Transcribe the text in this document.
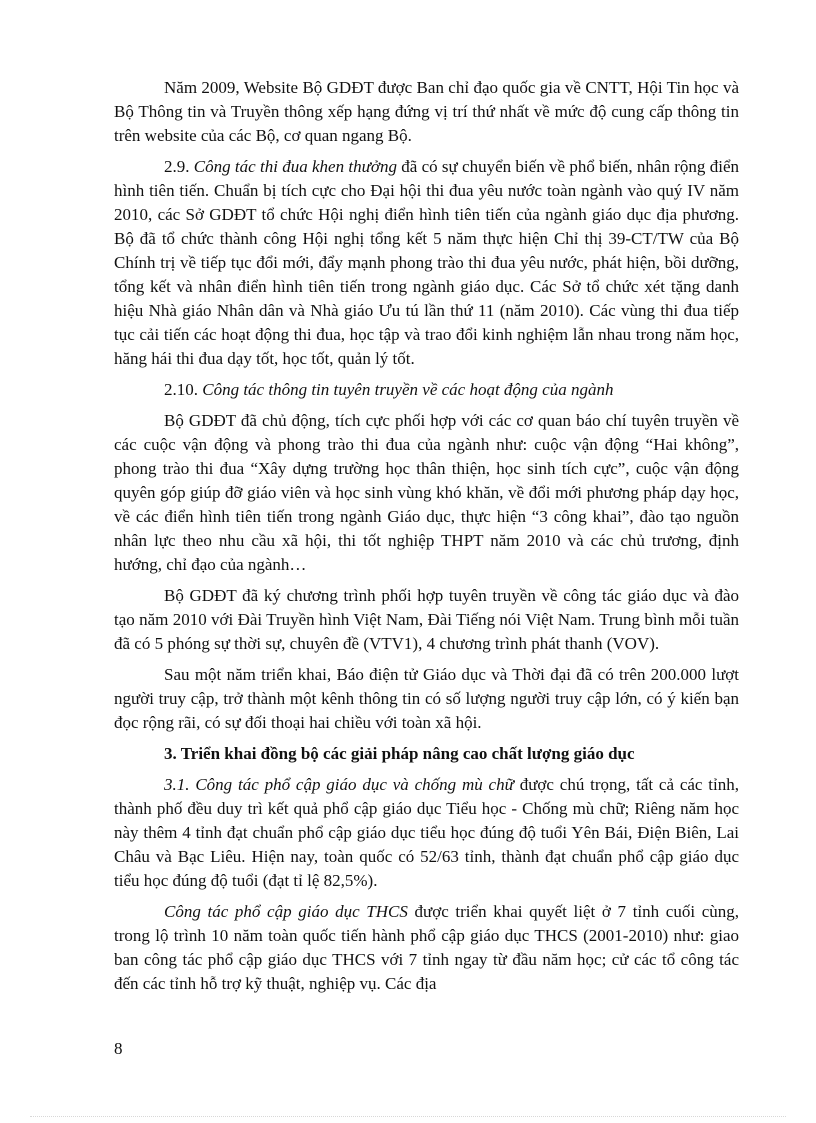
Năm 2009, Website Bộ GDĐT được Ban chỉ đạo quốc gia về CNTT, Hội Tin học và Bộ Thông tin và Truyền thông xếp hạng đứng vị trí thứ nhất về mức độ cung cấp thông tin trên website của các Bộ, cơ quan ngang Bộ.

2.9. Công tác thi đua khen thưởng đã có sự chuyển biến về phổ biến, nhân rộng điển hình tiên tiến. Chuẩn bị tích cực cho Đại hội thi đua yêu nước toàn ngành vào quý IV năm 2010, các Sở GDĐT tổ chức Hội nghị điển hình tiên tiến của ngành giáo dục địa phương. Bộ đã tổ chức thành công Hội nghị tổng kết 5 năm thực hiện Chỉ thị 39-CT/TW của Bộ Chính trị về tiếp tục đổi mới, đẩy mạnh phong trào thi đua yêu nước, phát hiện, bồi dưỡng, tổng kết và nhân điển hình tiên tiến trong ngành giáo dục. Các Sở tổ chức xét tặng danh hiệu Nhà giáo Nhân dân và Nhà giáo Ưu tú lần thứ 11 (năm 2010). Các vùng thi đua tiếp tục cải tiến các hoạt động thi đua, học tập và trao đổi kinh nghiệm lẫn nhau trong năm học, hăng hái thi đua dạy tốt, học tốt, quản lý tốt.

2.10. Công tác thông tin tuyên truyền về các hoạt động của ngành

Bộ GDĐT đã chủ động, tích cực phối hợp với các cơ quan báo chí tuyên truyền về các cuộc vận động và phong trào thi đua của ngành như: cuộc vận động “Hai không”, phong trào thi đua “Xây dựng trường học thân thiện, học sinh tích cực”, cuộc vận động quyên góp giúp đỡ giáo viên và học sinh vùng khó khăn, về đổi mới phương pháp dạy học, về các điển hình tiên tiến trong ngành Giáo dục, thực hiện “3 công khai”, đào tạo nguồn nhân lực theo nhu cầu xã hội, thi tốt nghiệp THPT năm 2010 và các chủ trương, định hướng, chỉ đạo của ngành…

Bộ GDĐT đã ký chương trình phối hợp tuyên truyền về công tác giáo dục và đào tạo năm 2010 với Đài Truyền hình Việt Nam, Đài Tiếng nói Việt Nam. Trung bình mỗi tuần đã có 5 phóng sự thời sự, chuyên đề (VTV1), 4 chương trình phát thanh (VOV).

Sau một năm triển khai, Báo điện tử Giáo dục và Thời đại đã có trên 200.000 lượt người truy cập, trở thành một kênh thông tin có số lượng người truy cập lớn, có ý kiến bạn đọc rộng rãi, có sự đối thoại hai chiều với toàn xã hội.

3. Triển khai đồng bộ các giải pháp nâng cao chất lượng giáo dục

3.1. Công tác phổ cập giáo dục và chống mù chữ được chú trọng, tất cả các tỉnh, thành phố đều duy trì kết quả phổ cập giáo dục Tiểu học - Chống mù chữ; Riêng năm học này thêm 4 tỉnh đạt chuẩn phổ cập giáo dục tiểu học đúng độ tuổi Yên Bái, Điện Biên, Lai Châu và Bạc Liêu. Hiện nay, toàn quốc có 52/63 tỉnh, thành đạt chuẩn phổ cập giáo dục tiểu học đúng độ tuổi (đạt tỉ lệ 82,5%).

Công tác phổ cập giáo dục THCS được triển khai quyết liệt ở 7 tỉnh cuối cùng, trong lộ trình 10 năm toàn quốc tiến hành phổ cập giáo dục THCS (2001-2010) như: giao ban công tác phổ cập giáo dục THCS với 7 tỉnh ngay từ đầu năm học; cử các tổ công tác đến các tỉnh hỗ trợ kỹ thuật, nghiệp vụ. Các địa

8
